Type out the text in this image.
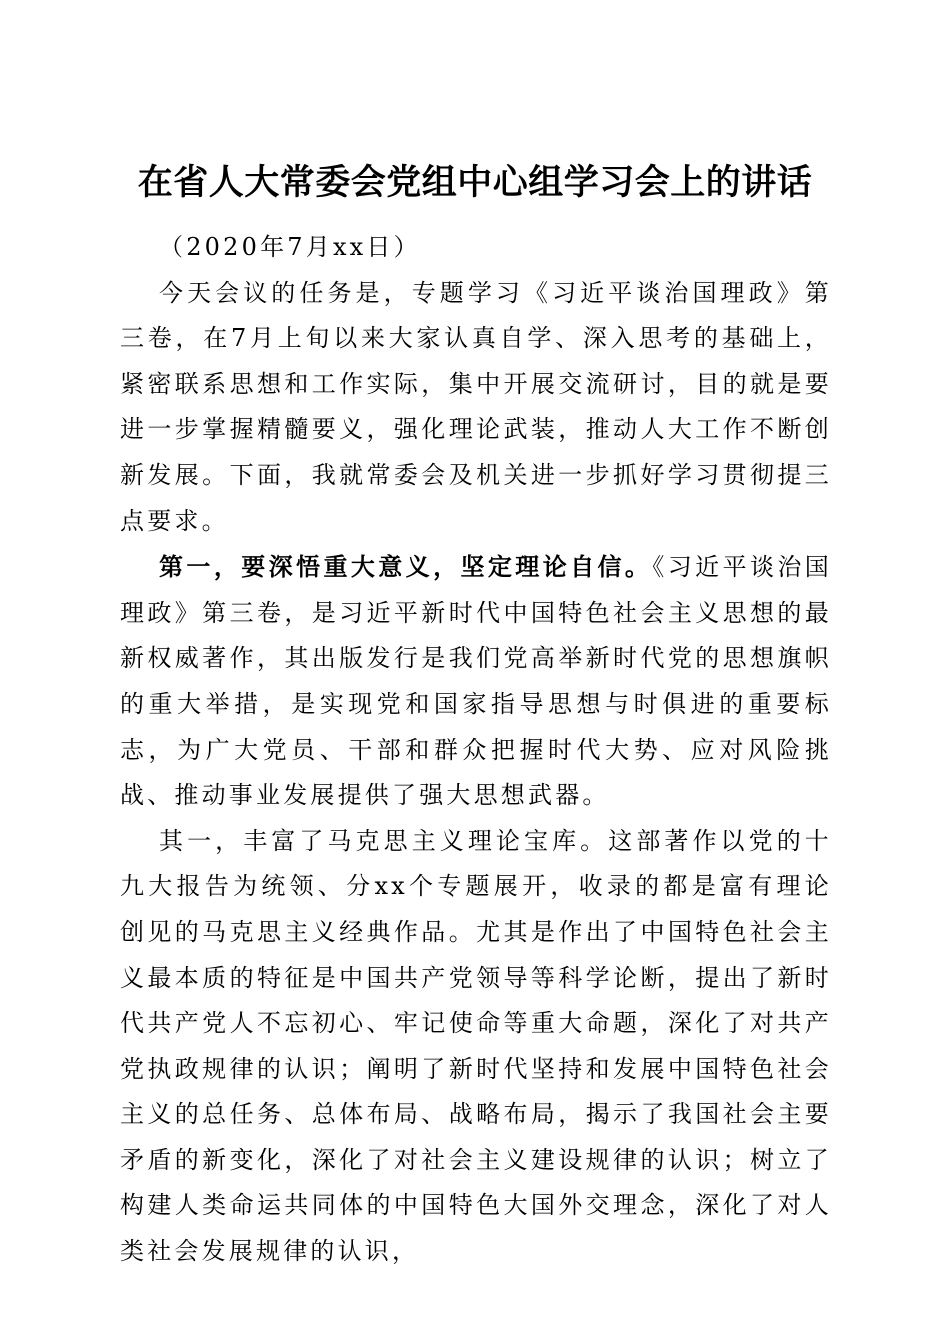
在省人大常委会党组中心组学习会上的讲话

（2020年7月xx日）

今天会议的任务是，专题学习《习近平谈治国理政》第三卷，在7月上旬以来大家认真自学、深入思考的基础上，紧密联系思想和工作实际，集中开展交流研讨，目的就是要进一步掌握精髓要义，强化理论武装，推动人大工作不断创新发展。下面，我就常委会及机关进一步抓好学习贯彻提三点要求。

第一，要深悟重大意义，坚定理论自信。《习近平谈治国理政》第三卷，是习近平新时代中国特色社会主义思想的最新权威著作，其出版发行是我们党高举新时代党的思想旗帜的重大举措，是实现党和国家指导思想与时俱进的重要标志，为广大党员、干部和群众把握时代大势、应对风险挑战、推动事业发展提供了强大思想武器。

其一，丰富了马克思主义理论宝库。这部著作以党的十九大报告为统领、分xx个专题展开，收录的都是富有理论创见的马克思主义经典作品。尤其是作出了中国特色社会主义最本质的特征是中国共产党领导等科学论断，提出了新时代共产党人不忘初心、牢记使命等重大命题，深化了对共产党执政规律的认识；阐明了新时代坚持和发展中国特色社会主义的总任务、总体布局、战略布局，揭示了我国社会主要矛盾的新变化，深化了对社会主义建设规律的认识；树立了构建人类命运共同体的中国特色大国外交理念，深化了对人类社会发展规律的认识，
